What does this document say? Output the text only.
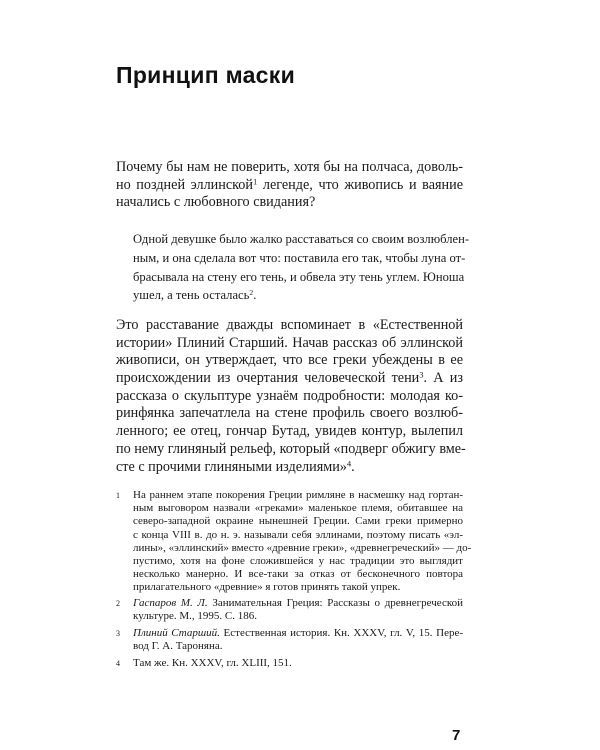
Принцип маски
Почему бы нам не поверить, хотя бы на полчаса, доволь-
но поздней эллинской$^1$ легенде, что живопись и ваяние
начались с любовного свидания?
Одной девушке было жалко расставаться со своим возлюблен-
ным, и она сделала вот что: поставила его так, чтобы луна от-
брасывала на стену его тень, и обвела эту тень углем. Юноша
ушел, а тень осталась$^2$.
Это расставание дважды вспоминает в «Естественной
истории» Плиний Старший. Начав рассказ об эллинской
живописи, он утверждает, что все греки убеждены в ее
происхождении из очертания человеческой тени$^3$. А из
рассказа о скульптуре узнаём подробности: молодая ко-
ринфянка запечатлела на стене профиль своего возлюб-
ленного; ее отец, гончар Бутад, увидев контур, вылепил
по нему глиняный рельеф, который «подверг обжигу вме-
сте с прочими глиняными изделиями»$^4$.
1 На раннем этапе покорения Греции римляне в насмешку над гортан-
ным выговором назвали «греками» маленькое племя, обитавшее на
северо-западной окраине нынешней Греции. Сами греки примерно
с конца VIII в. до н. э. называли себя эллинами, поэтому писать «эл-
лины», «эллинский» вместо «древние греки», «древнегреческий» — до-
пустимо, хотя на фоне сложившейся у нас традиции это выглядит
несколько манерно. И все-таки за отказ от бесконечного повтора
прилагательного «древние» я готов принять такой упрек.
2 Гаспаров М. Л. Занимательная Греция: Рассказы о древнегреческой
культуре. М., 1995. С. 186.
3 Плиний Старший. Естественная история. Кн. XXXV, гл. V, 15. Пере-
вод Г. А. Тароняна.
4 Там же. Кн. XXXV, гл. XLIII, 151.
7
